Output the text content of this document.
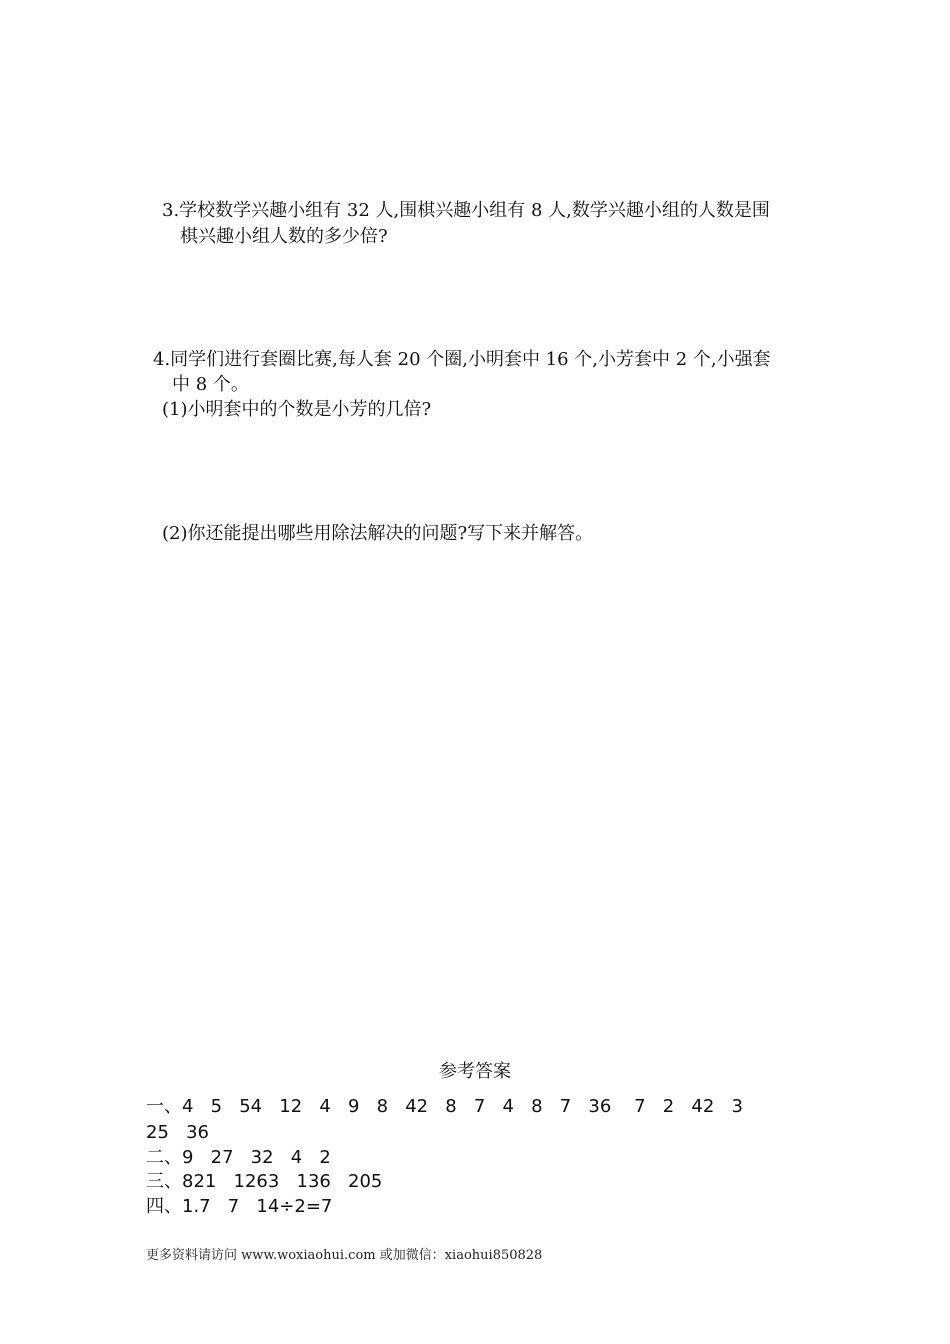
3.学校数学兴趣小组有 32 人,围棋兴趣小组有 8 人,数学兴趣小组的人数是围
棋兴趣小组人数的多少倍?
4.同学们进行套圈比赛,每人套 20 个圈,小明套中 16 个,小芳套中 2 个,小强套
中 8 个。
(1)小明套中的个数是小芳的几倍?
(2)你还能提出哪些用除法解决的问题?写下来并解答。
参考答案
一、4   5   54   12   4   9   8   42   8   7   4   8   7   36    7   2   42   3
25   36
二、9   27   32   4   2
三、821   1263   136   205
四、1.7   7   14÷2=7
更多资料请访问 www.woxiaohui.com 或加微信：xiaohui850828
